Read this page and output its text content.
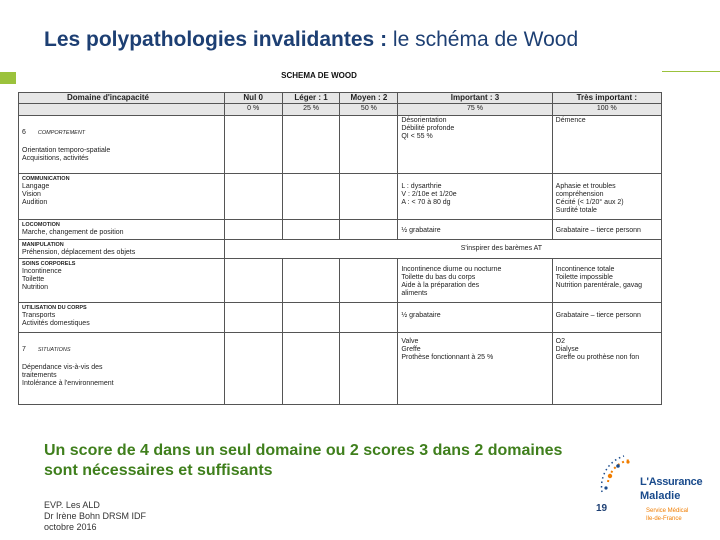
Les polypathologies invalidantes : le schéma de Wood
SCHEMA DE WOOD
Domaine d'incapacité	Nul 0	Léger : 1	Moyen : 2	Important : 3	Très important :
	0 %	25 %	50 %	75 %	100 %

6 COMPORTEMENT
Orientation temporo-spatiale
Acquisitions, activités				Désorientation
Débilité profonde
QI < 55 %	Démence

COMMUNICATION
Langage
Vision
Audition				L : dysarthrie
V : 2/10e et 1/20e
A : < 70 à 80 dg	Aphasie et troubles
compréhension
Cécité (< 1/20° aux 2)
Surdité totale

LOCOMOTION
Marche, changement de position				½ grabataire	Grabataire – tierce personn

MANIPULATION
Préhension, déplacement des objets	S'inspirer des barèmes AT				

SOINS CORPORELS
Incontinence
Toilette
Nutrition				Incontinence diurne ou nocturne
Toilette du bas du corps
Aide à la préparation des
aliments	Incontinence totale
Toilette impossible
Nutrition parentérale, gavag

UTILISATION DU CORPS
Transports
Activités domestiques				½ grabataire	Grabataire – tierce personn

7 SITUATIONS
Dépendance vis-à-vis des
traitements
Intolérance à l'environnement				Valve
Greffe
Prothèse fonctionnant à 25 %	O2
Dialyse
Greffe ou prothèse non fon
Un score de 4 dans un seul domaine ou 2 scores 3 dans 2 domaines sont nécessaires et suffisants
EVP. Les ALD
Dr Irène Bohn DRSM IDF
octobre 2016
L'Assurance
Maladie
Service Médical
Ile-de-France
19
